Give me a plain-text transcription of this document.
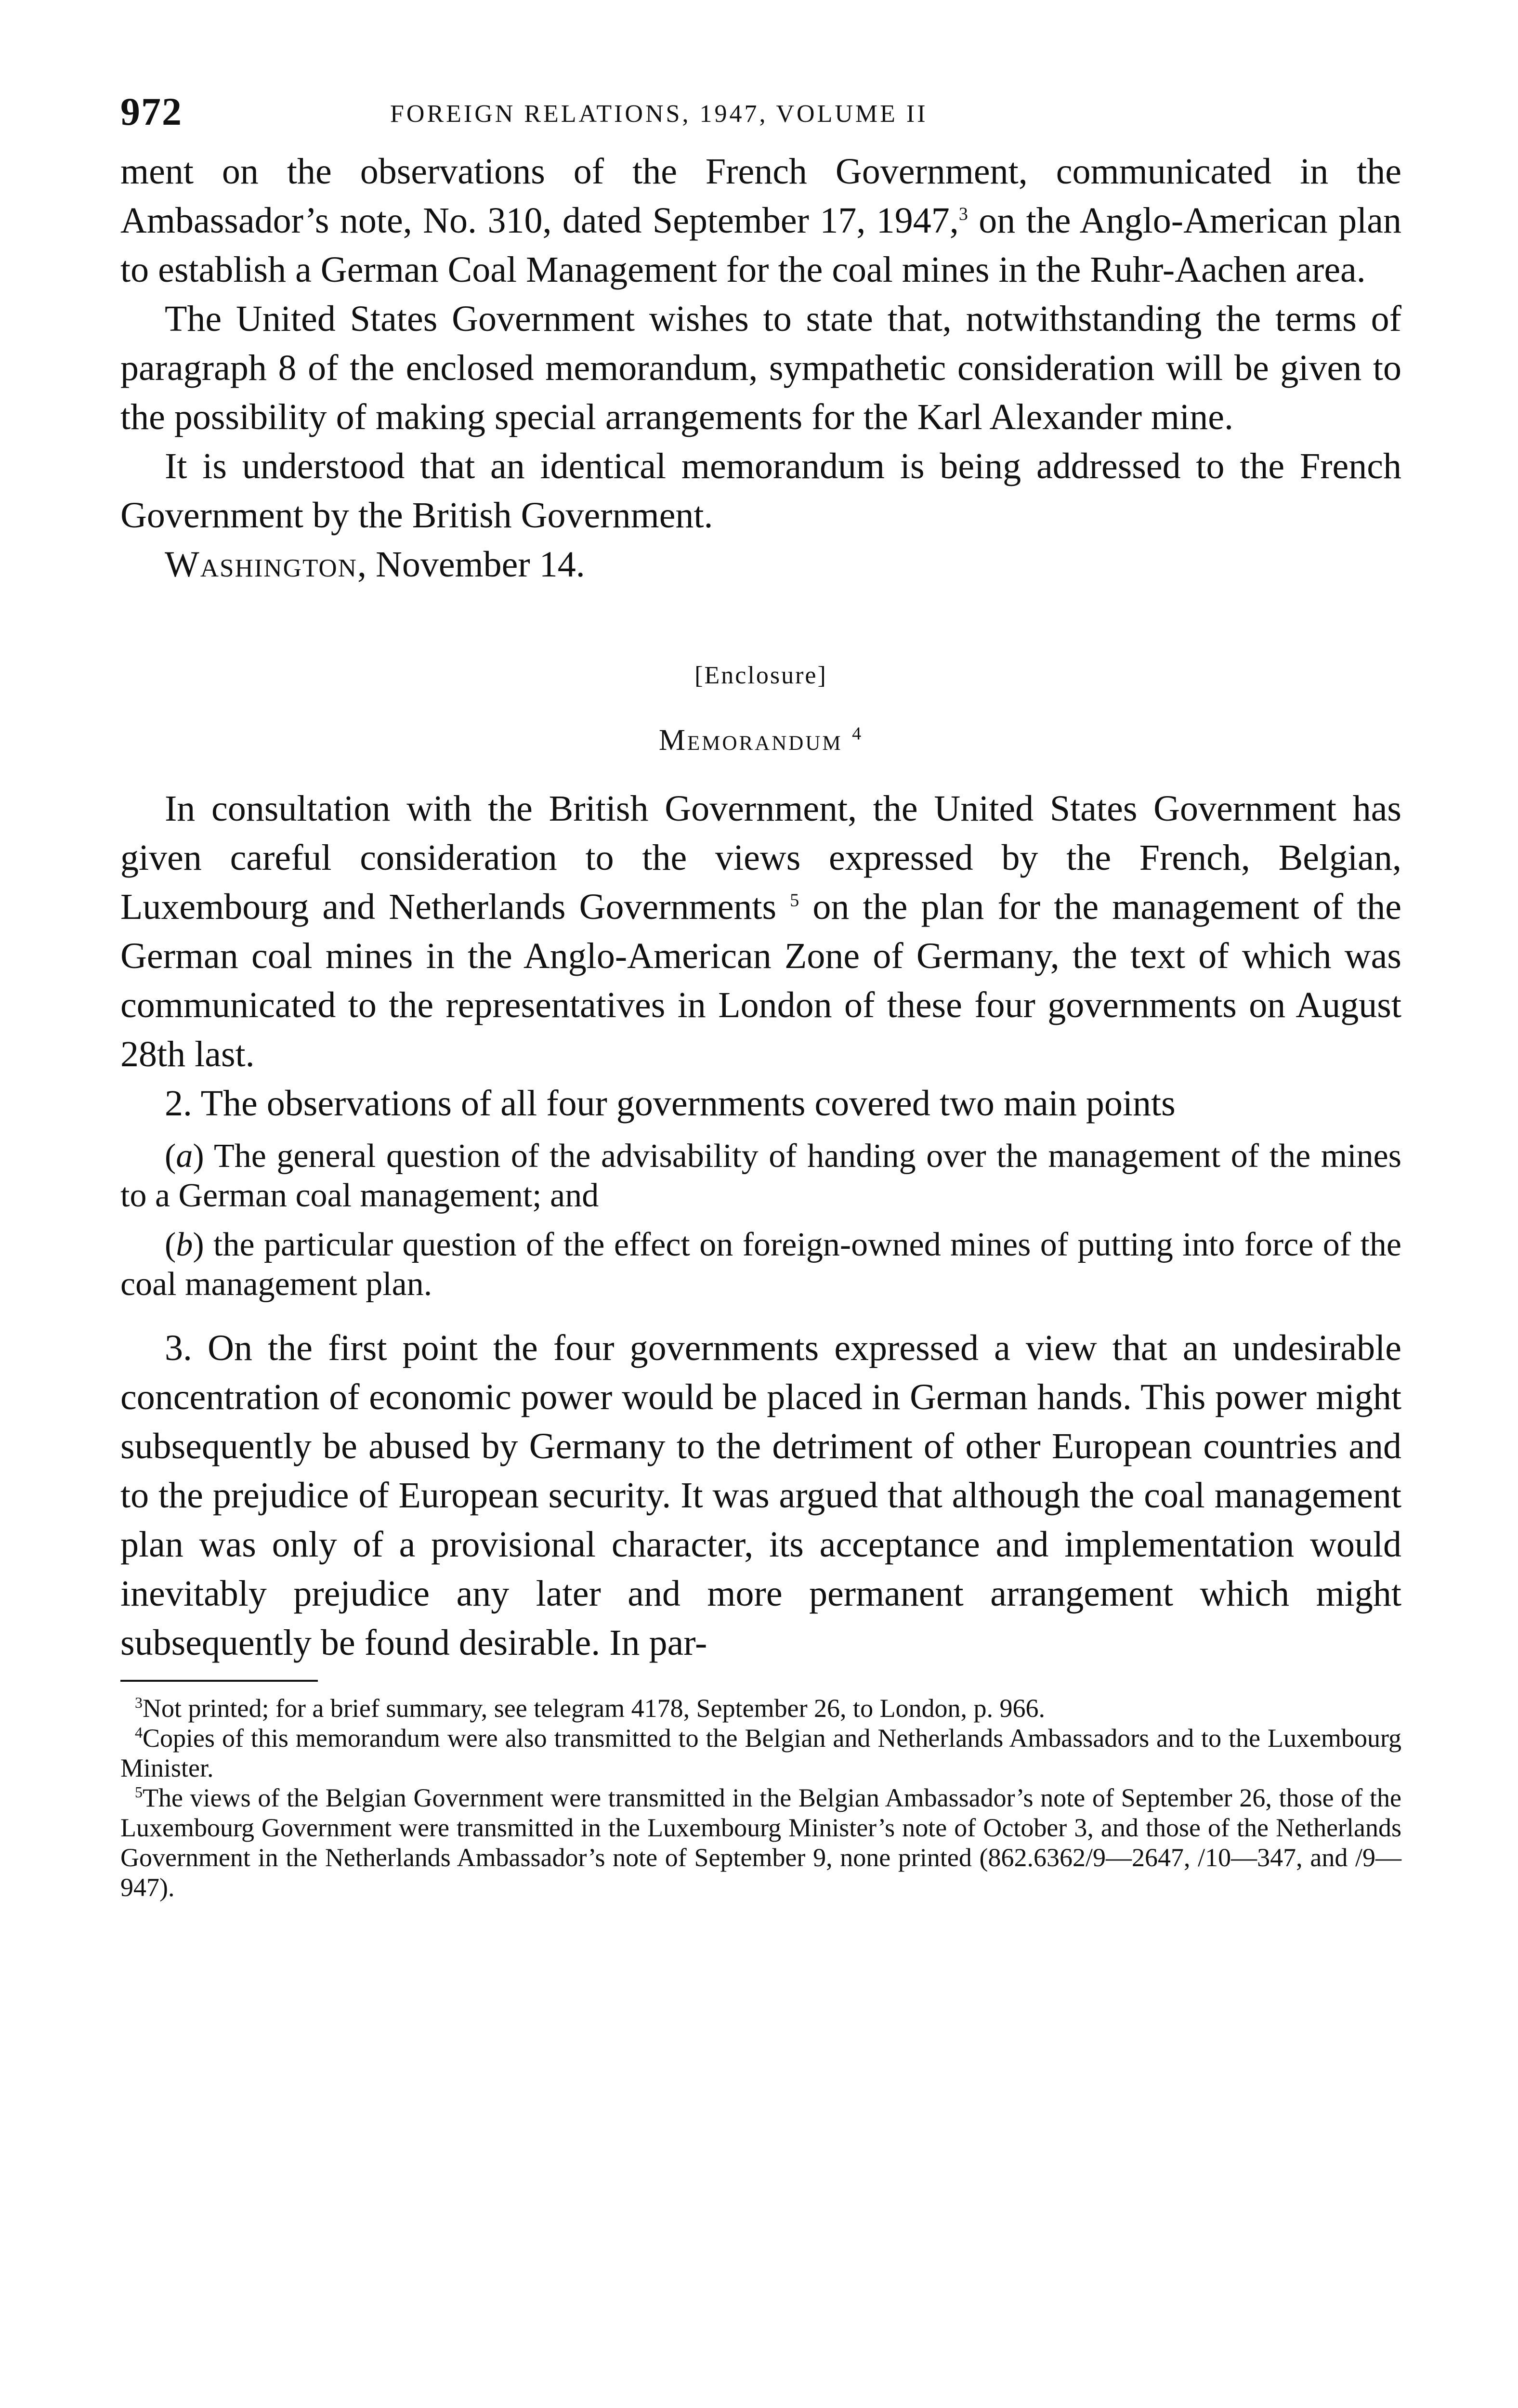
972	FOREIGN RELATIONS, 1947, VOLUME II

ment on the observations of the French Government, communicated in the Ambassador’s note, No. 310, dated September 17, 1947,$^3$ on the Anglo-American plan to establish a German Coal Management for the coal mines in the Ruhr-Aachen area.

The United States Government wishes to state that, notwithstanding the terms of paragraph 8 of the enclosed memorandum, sympathetic consideration will be given to the possibility of making special arrangements for the Karl Alexander mine.

It is understood that an identical memorandum is being addressed to the French Government by the British Government.

Washington, November 14.

[Enclosure]
Memorandum $^4$

In consultation with the British Government, the United States Government has given careful consideration to the views expressed by the French, Belgian, Luxembourg and Netherlands Governments $^5$ on the plan for the management of the German coal mines in the Anglo-American Zone of Germany, the text of which was communicated to the representatives in London of these four governments on August 28th last.

2. The observations of all four governments covered two main points

(a) The general question of the advisability of handing over the management of the mines to a German coal management; and

(b) the particular question of the effect on foreign-owned mines of putting into force of the coal management plan.

3. On the first point the four governments expressed a view that an undesirable concentration of economic power would be placed in German hands. This power might subsequently be abused by Germany to the detriment of other European countries and to the prejudice of European security. It was argued that although the coal management plan was only of a provisional character, its acceptance and implementation would inevitably prejudice any later and more permanent arrangement which might subsequently be found desirable. In par-

$^3$Not printed; for a brief summary, see telegram 4178, September 26, to London, p. 966.

$^4$Copies of this memorandum were also transmitted to the Belgian and Netherlands Ambassadors and to the Luxembourg Minister.

$^5$The views of the Belgian Government were transmitted in the Belgian Ambassador’s note of September 26, those of the Luxembourg Government were transmitted in the Luxembourg Minister’s note of October 3, and those of the Netherlands Government in the Netherlands Ambassador’s note of September 9, none printed (862.6362/9—2647, /10—347, and /9—947).
